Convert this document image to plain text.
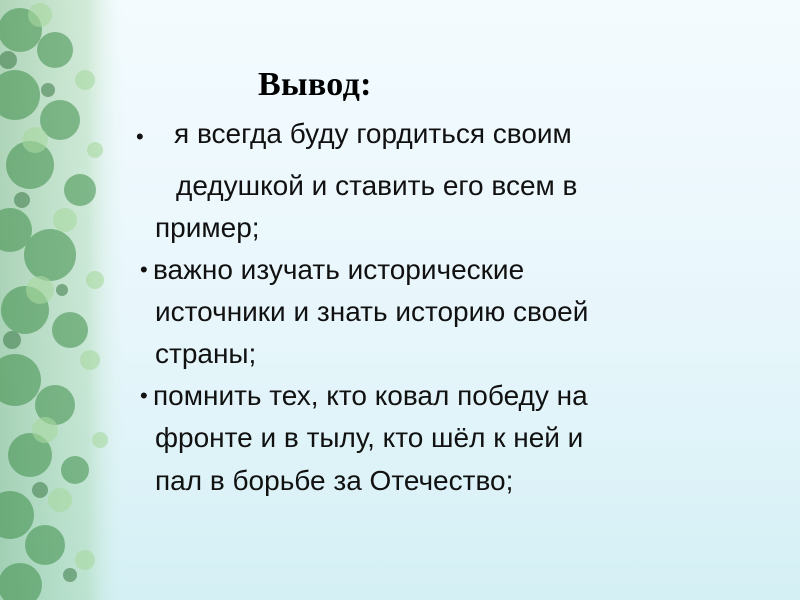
Вывод:
• я всегда буду гордиться своим
дедушкой и ставить его всем в
пример;
• важно изучать исторические
источники и знать историю своей
страны;
• помнить тех, кто ковал победу на
фронте и в тылу, кто шёл к ней и
пал в борьбе за Отечество;
